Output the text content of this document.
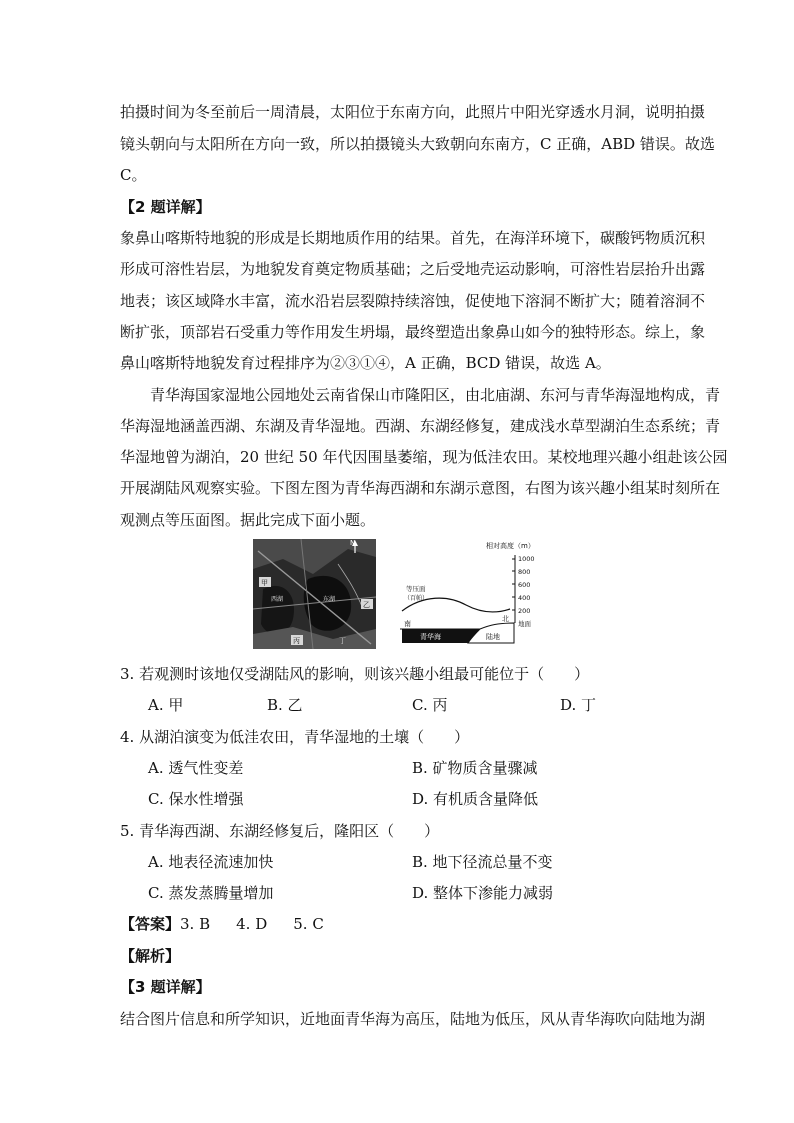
拍摄时间为冬至前后一周清晨，太阳位于东南方向，此照片中阳光穿透水月洞，说明拍摄
镜头朝向与太阳所在方向一致，所以拍摄镜头大致朝向东南方，C 正确，ABD 错误。故选
C。
【2 题详解】
象鼻山喀斯特地貌的形成是长期地质作用的结果。首先，在海洋环境下，碳酸钙物质沉积
形成可溶性岩层，为地貌发育奠定物质基础；之后受地壳运动影响，可溶性岩层抬升出露
地表；该区域降水丰富，流水沿岩层裂隙持续溶蚀，促使地下溶洞不断扩大；随着溶洞不
断扩张，顶部岩石受重力等作用发生坍塌，最终塑造出象鼻山如今的独特形态。综上，象
鼻山喀斯特地貌发育过程排序为②③①④，A 正确，BCD 错误，故选 A。
青华海国家湿地公园地处云南省保山市隆阳区，由北庙湖、东河与青华海湿地构成，青
华海湿地涵盖西湖、东湖及青华湿地。西湖、东湖经修复，建成浅水草型湖泊生态系统；青
华湿地曾为湖泊，20 世纪 50 年代因围垦萎缩，现为低洼农田。某校地理兴趣小组赴该公园
开展湖陆风观察实验。下图左图为青华海西湖和东湖示意图，右图为该兴趣小组某时刻所在
观测点等压面图。据此完成下面小题。
N
甲
西湖	东湖
乙
丙	丁
相对高度（m）
1000
800
600
400
200
地面
等压面
（百帕）
南
北
青华海	陆地
3. 若观测时该地仅受湖陆风的影响，则该兴趣小组最可能位于（　　）
A. 甲	B. 乙	C. 丙	D. 丁
4. 从湖泊演变为低洼农田，青华湿地的土壤（　　）
A. 透气性变差	B. 矿物质含量骤减
C. 保水性增强	D. 有机质含量降低
5. 青华海西湖、东湖经修复后，隆阳区（　　）
A. 地表径流速加快	B. 地下径流总量不变
C. 蒸发蒸腾量增加	D. 整体下渗能力减弱
【答案】3. B 4. D 5. C
【解析】
【3 题详解】
结合图片信息和所学知识，近地面青华海为高压，陆地为低压，风从青华海吹向陆地为湖
